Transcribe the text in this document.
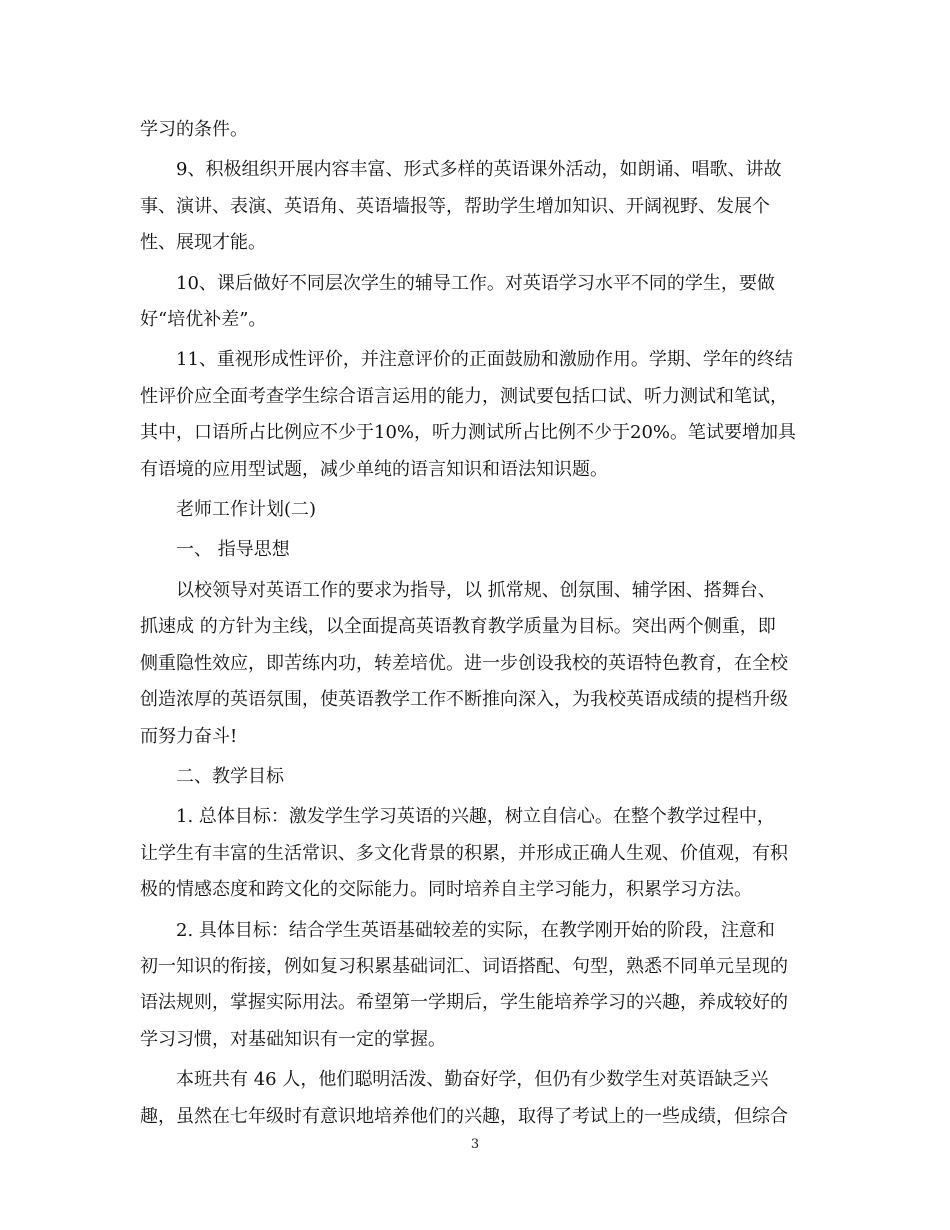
学习的条件。

9、积极组织开展内容丰富、形式多样的英语课外活动，如朗诵、唱歌、讲故
事、演讲、表演、英语角、英语墙报等，帮助学生增加知识、开阔视野、发展个
性、展现才能。

10、课后做好不同层次学生的辅导工作。对英语学习水平不同的学生，要做
好“培优补差”。

11、重视形成性评价，并注意评价的正面鼓励和激励作用。学期、学年的终结
性评价应全面考查学生综合语言运用的能力，测试要包括口试、听力测试和笔试，
其中，口语所占比例应不少于10%，听力测试所占比例不少于20%。笔试要增加具
有语境的应用型试题，减少单纯的语言知识和语法知识题。

老师工作计划(二)

一、 指导思想

以校领导对英语工作的要求为指导，以 抓常规、创氛围、辅学困、搭舞台、
抓速成 的方针为主线，以全面提高英语教育教学质量为目标。突出两个侧重，即
侧重隐性效应，即苦练内功，转差培优。进一步创设我校的英语特色教育，在全校
创造浓厚的英语氛围，使英语教学工作不断推向深入，为我校英语成绩的提档升级
而努力奋斗!

二、教学目标

1. 总体目标：激发学生学习英语的兴趣，树立自信心。在整个教学过程中，
让学生有丰富的生活常识、多文化背景的积累，并形成正确人生观、价值观，有积
极的情感态度和跨文化的交际能力。同时培养自主学习能力，积累学习方法。

2. 具体目标：结合学生英语基础较差的实际，在教学刚开始的阶段，注意和
初一知识的衔接，例如复习积累基础词汇、词语搭配、句型，熟悉不同单元呈现的
语法规则，掌握实际用法。希望第一学期后，学生能培养学习的兴趣，养成较好的
学习习惯，对基础知识有一定的掌握。

本班共有 46 人，他们聪明活泼、勤奋好学，但仍有少数学生对英语缺乏兴
趣，虽然在七年级时有意识地培养他们的兴趣，取得了考试上的一些成绩，但综合

3
